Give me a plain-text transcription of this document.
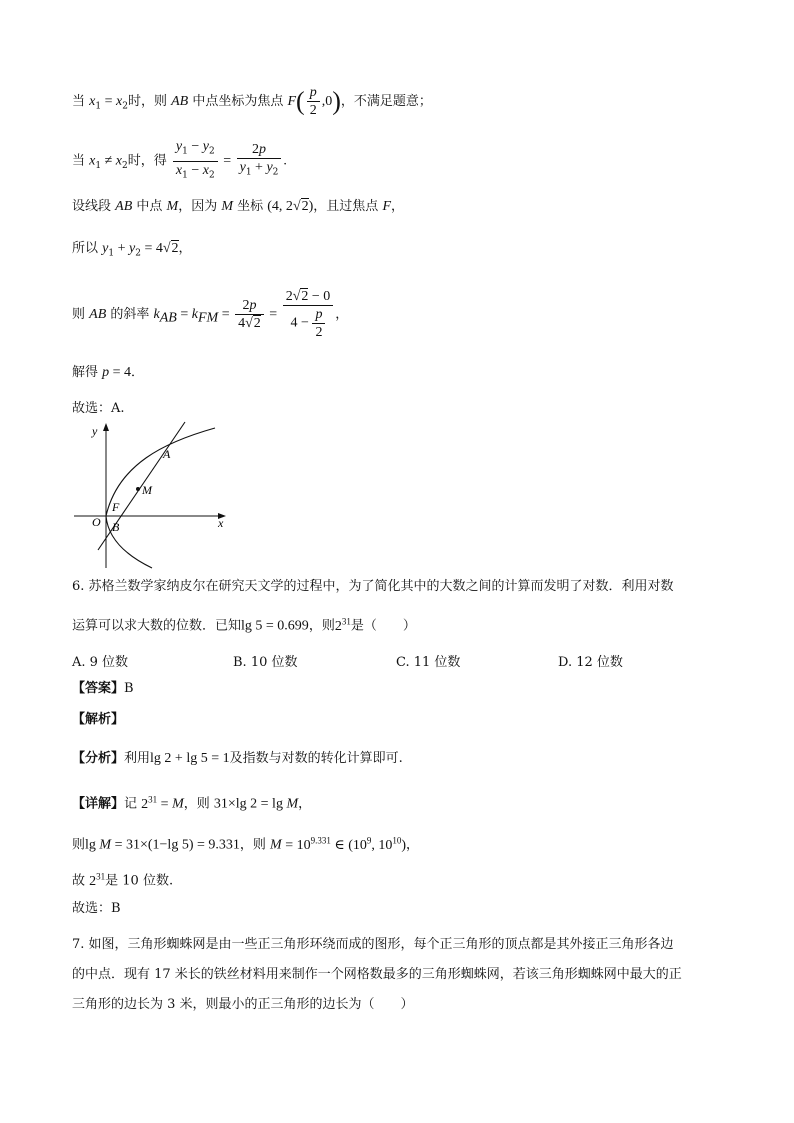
当 $x_1 = x_2$时，则 AB 中点坐标为焦点 $F( \frac{p}{2} ,0)$，不满足题意；
当 $x_1 \ne x_2$时，得 $\frac{y_1 - y_2}{x_1 - x_2} = \frac{2p}{y_1 + y_2}$ .
设线段 AB 中点 M，因为 M 坐标 (4, 2√2)，且过焦点 F，
所以 $y_1 + y_2 = 4√2$，
则 AB 的斜率 $k_{AB} = k_{FM} = \frac{2p}{4√2} = \frac{2√2 - 0}{4 - \frac{p}{2}}$ ，
解得 p = 4．
故选：A.
y
x
A
M
F
O B
6. 苏格兰数学家纳皮尔在研究天文学的过程中，为了简化其中的大数之间的计算而发明了对数．利用对数
运算可以求大数的位数．已知lg 5 = 0.699，则$2^{31}$是（　　）
A. 9 位数	B. 10 位数	C. 11 位数	D. 12 位数
【答案】B
【解析】
【分析】利用lg 2 + lg 5 = 1及指数与对数的转化计算即可.
【详解】记 $2^{31} = M$，则 31×lg 2 = lg M，
则lg M = 31×(1−lg 5) = 9.331，则 $M = 10^{9.331}$ ∈ ($10^9$, $10^{10}$)，
故 $2^{31}$是 10 位数.
故选：B
7. 如图，三角形蜘蛛网是由一些正三角形环绕而成的图形，每个正三角形的顶点都是其外接正三角形各边
的中点．现有 17 米长的铁丝材料用来制作一个网格数最多的三角形蜘蛛网，若该三角形蜘蛛网中最大的正
三角形的边长为 3 米，则最小的正三角形的边长为（　　）
